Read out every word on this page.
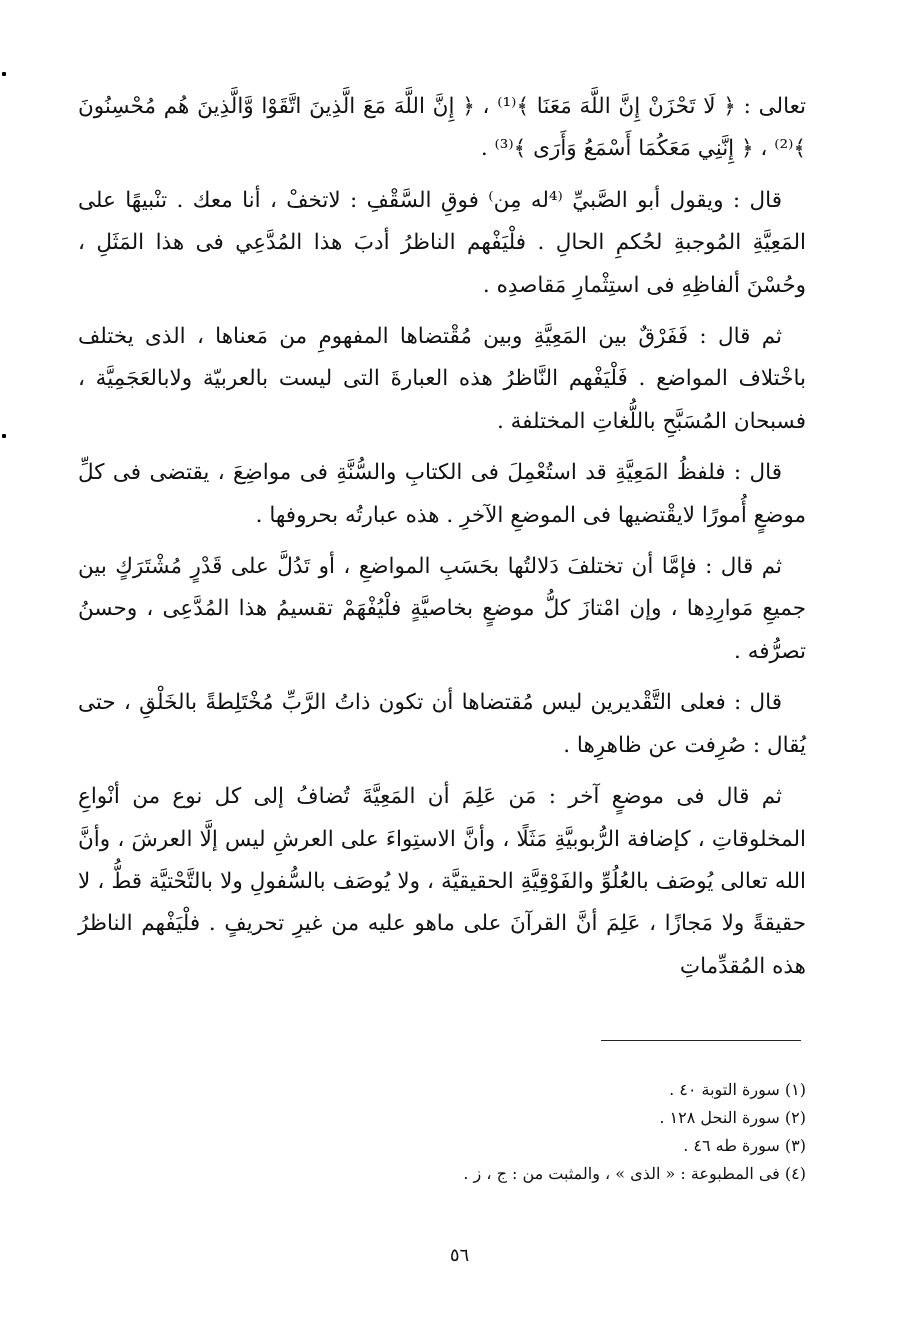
تعالى : ﴿ لَا تَحْزَنْ إِنَّ اللَّهَ مَعَنَا ﴾⁽¹⁾ ، ﴿ إِنَّ اللَّهَ مَعَ الَّذِينَ اتَّقَوْا وَّالَّذِينَ هُم مُحْسِنُونَ ﴾⁽²⁾ ، ﴿ إِنَّنِي مَعَكُمَا أَسْمَعُ وَأَرَى ﴾⁽³⁾ .

قال : ويقول أبو الصَّبيِّ ⁽⁴له مِن⁾ فوقِ السَّقْفِ : لاتخفْ ، أنا معك . تنْبيهًا على المَعِيَّةِ المُوجبةِ لحُكمِ الحالِ . فلْيَفْهم الناظرُ أدبَ هذا المُدَّعِي فى هذا المَثَلِ ، وحُسْنَ ألفاظِهِ فى استِثْمارِ مَقاصدِه .

ثم قال : فَفَرْقٌ بين المَعِيَّةِ وبين مُقْتضاها المفهومِ من مَعناها ، الذى يختلف باخْتلاف المواضع . فَلْيَفْهم النَّاظرُ هذه العبارةَ التى ليست بالعربيّة ولابالعَجَمِيَّة ، فسبحان المُسَبَّحِ باللُّغاتِ المختلفة .

قال : فلفظُ المَعِيَّةِ قد استُعْمِلَ فى الكتابِ والسُّنَّةِ فى مواضِعَ ، يقتضى فى كلِّ موضعٍ أُمورًا لايقْتضيها فى الموضعِ الآخرِ . هذه عبارتُه بحروفها .

ثم قال : فإمَّا أن تختلفَ دَلالتُها بحَسَبِ المواضعِ ، أو تَدُلَّ على قَدْرٍ مُشْتَرَكٍ بين جميعِ مَوارِدِها ، وإن امْتازَ كلُّ موضعٍ بخاصيَّةٍ فلْيُفْهَمْ تقسيمُ هذا المُدَّعِى ، وحسنُ تصرُّفه .

قال : فعلى التَّقْديرين ليس مُقتضاها أن تكون ذاتُ الرَّبِّ مُخْتَلِطةً بالخَلْقِ ، حتى يُقال : صُرِفت عن ظاهرِها .

ثم قال فى موضعٍ آخر : مَن عَلِمَ أن المَعِيَّةَ تُضافُ إلى كل نوع من أنْواعِ المخلوقاتِ ، كإضافة الرُّبوبيَّةِ مَثَلًا ، وأنَّ الاستِواءَ على العرشِ ليس إلَّا العرشَ ، وأنَّ الله تعالى يُوصَف بالعُلُوِّ والفَوْقِيَّةِ الحقيقيَّة ، ولا يُوصَف بالسُّفولِ ولا بالتَّحْتيَّة قطُّ ، لا حقيقةً ولا مَجازًا ، عَلِمَ أنَّ القرآنَ على ماهو عليه من غيرِ تحريفٍ . فلْيَفْهم الناظرُ هذه المُقدِّماتِ

(١) سورة التوبة ٤٠ .

(٢) سورة النحل ١٢٨ .

(٣) سورة طه ٤٦ .

(٤) فى المطبوعة : « الذى » ، والمثبت من : ج ، ز .

٥٦
